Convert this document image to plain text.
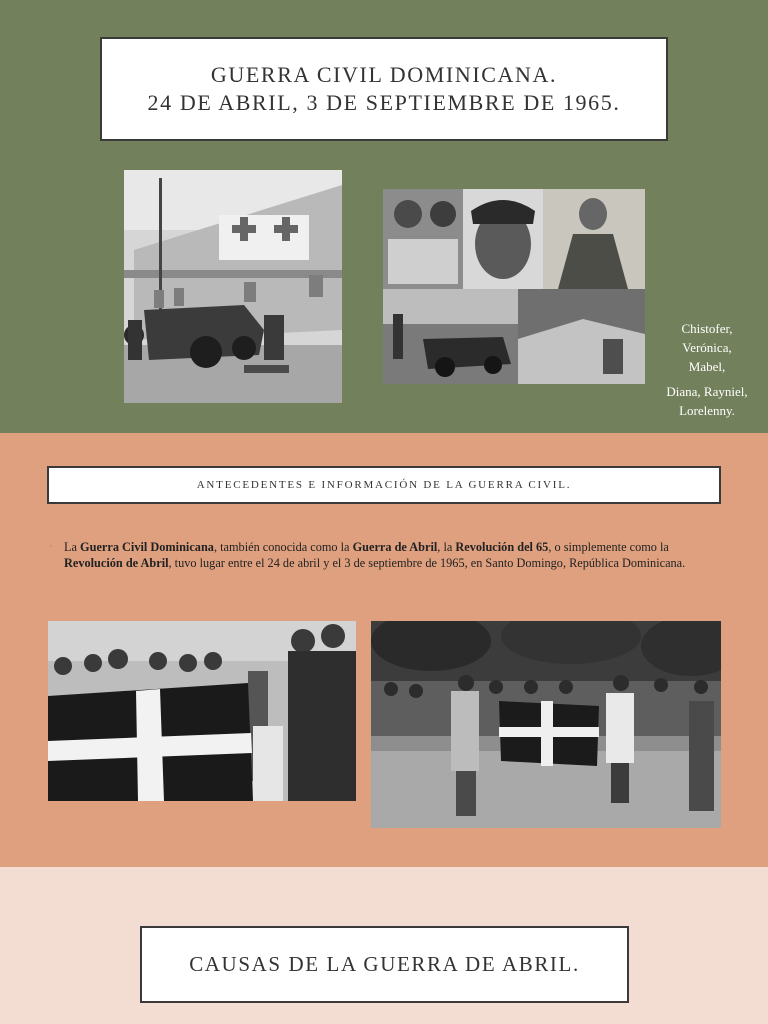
GUERRA CIVIL DOMINICANA.
24 DE ABRIL, 3 DE SEPTIEMBRE DE 1965.
Chistofer,
Verónica,
Mabel,
Diana, Rayniel,
Lorelenny.
ANTECEDENTES E INFORMACIÓN DE LA GUERRA CIVIL.
◦ La Guerra Civil Dominicana, también conocida como la Guerra de Abril, la Revolución del 65, o simplemente como la Revolución de Abril, tuvo lugar entre el 24 de abril y el 3 de septiembre de 1965, en Santo Domingo, República Dominicana.
CAUSAS DE LA GUERRA DE ABRIL.
